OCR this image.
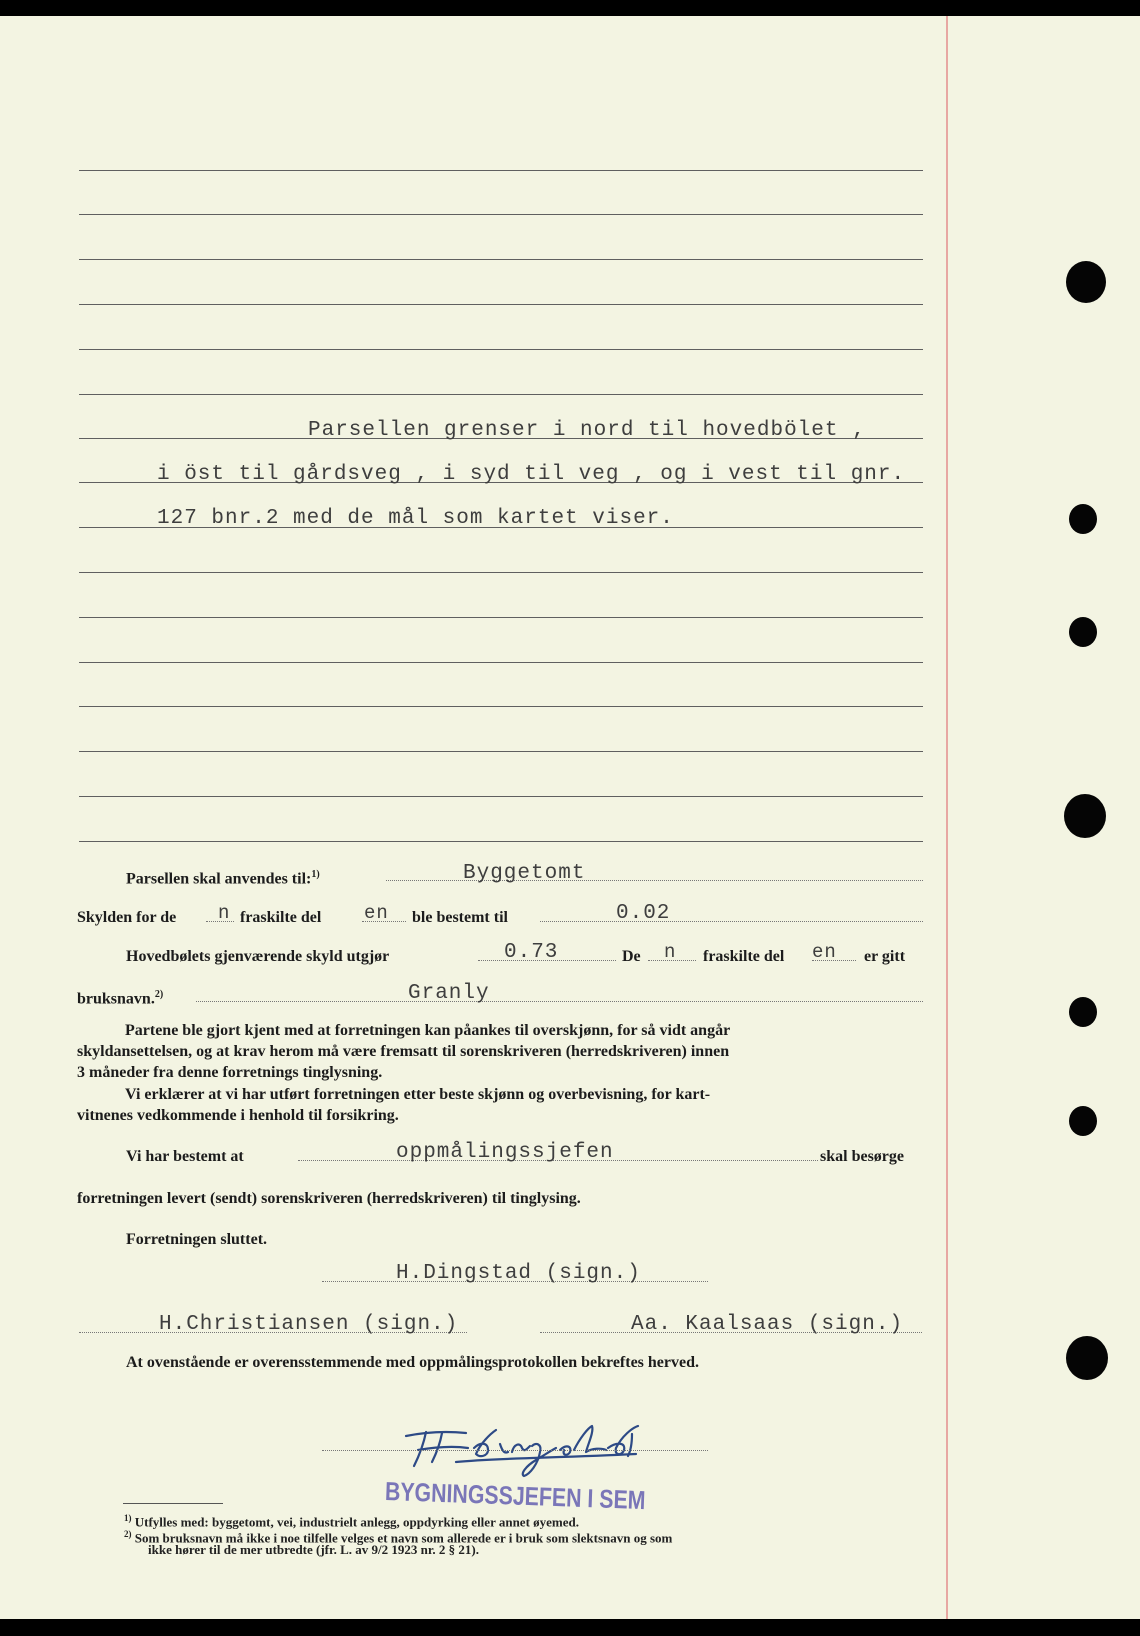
Parsellen grenser i nord til hovedbölet ,
i öst til gårdsveg , i syd til veg , og i vest til gnr.
127 bnr.2 med de mål som kartet viser.
Parsellen skal anvendes til:$^{1)}$	Byggetomt
Skylden for de n fraskilte del en ble bestemt til	0.02
Hovedbølets gjenværende skyld utgjør	0.73	De n fraskilte del en er gitt
bruksnavn.$^{2)}$	Granly
Partene ble gjort kjent med at forretningen kan påankes til overskjønn, for så vidt angår
skyldansettelsen, og at krav herom må være fremsatt til sorenskriveren (herredskriveren) innen
3 måneder fra denne forretnings tinglysning.
Vi erklærer at vi har utført forretningen etter beste skjønn og overbevisning, for kart-
vitnenes vedkommende i henhold til forsikring.
Vi har bestemt at	oppmålingssjefen	skal besørge
forretningen levert (sendt) sorenskriveren (herredskriveren) til tinglysing.
Forretningen sluttet.
H.Dingstad (sign.)
H.Christiansen (sign.)	Aa. Kaalsaas (sign.)
At ovenstående er overensstemmende med oppmålingsprotokollen bekreftes herved.
BYGNINGSSJEFEN I SEM
$^{1)}$ Utfylles med: byggetomt, vei, industrielt anlegg, oppdyrking eller annet øyemed.
$^{2)}$ Som bruksnavn må ikke i noe tilfelle velges et navn som allerede er i bruk som slektsnavn og som
ikke hører til de mer utbredte (jfr. L. av 9/2 1923 nr. 2 § 21).
